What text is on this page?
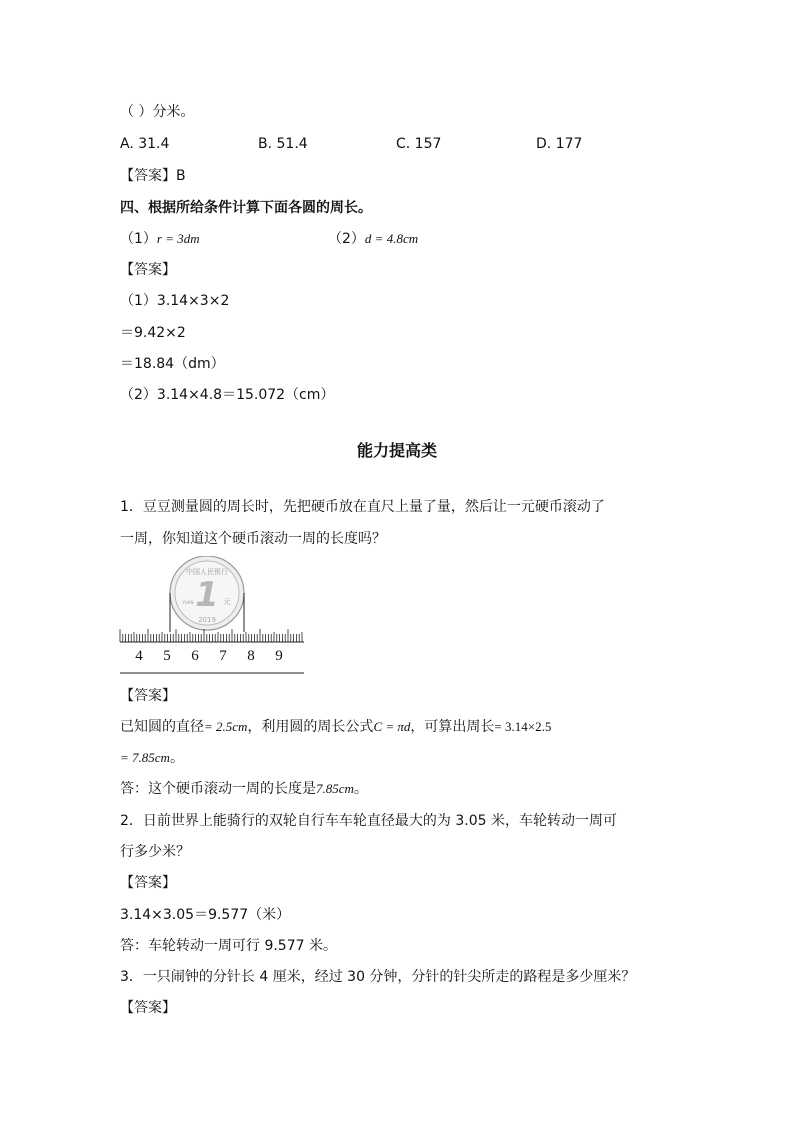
（ ）分米。
A. 31.4	B. 51.4	C. 157	D. 177
【答案】B
四、根据所给条件计算下面各圆的周长。
（1）r = 3dm	（2）d = 4.8cm
【答案】
（1）3.14×3×2
＝9.42×2
＝18.84（dm）
（2）3.14×4.8＝15.072（cm）
能力提高类
1．豆豆测量圆的周长时，先把硬币放在直尺上量了量，然后让一元硬币滚动了
一周，你知道这个硬币滚动一周的长度吗？
中国人民银行
1 元
YUAN
2019
4 5 6 7 8 9
【答案】
已知圆的直径= 2.5cm，利用圆的周长公式C = πd，可算出周长= 3.14×2.5
= 7.85cm。
答：这个硬币滚动一周的长度是7.85cm。
2．日前世界上能骑行的双轮自行车车轮直径最大的为 3.05 米，车轮转动一周可
行多少米？
【答案】
3.14×3.05＝9.577（米）
答：车轮转动一周可行 9.577 米。
3．一只闹钟的分针长 4 厘米，经过 30 分钟，分针的针尖所走的路程是多少厘米？
【答案】
